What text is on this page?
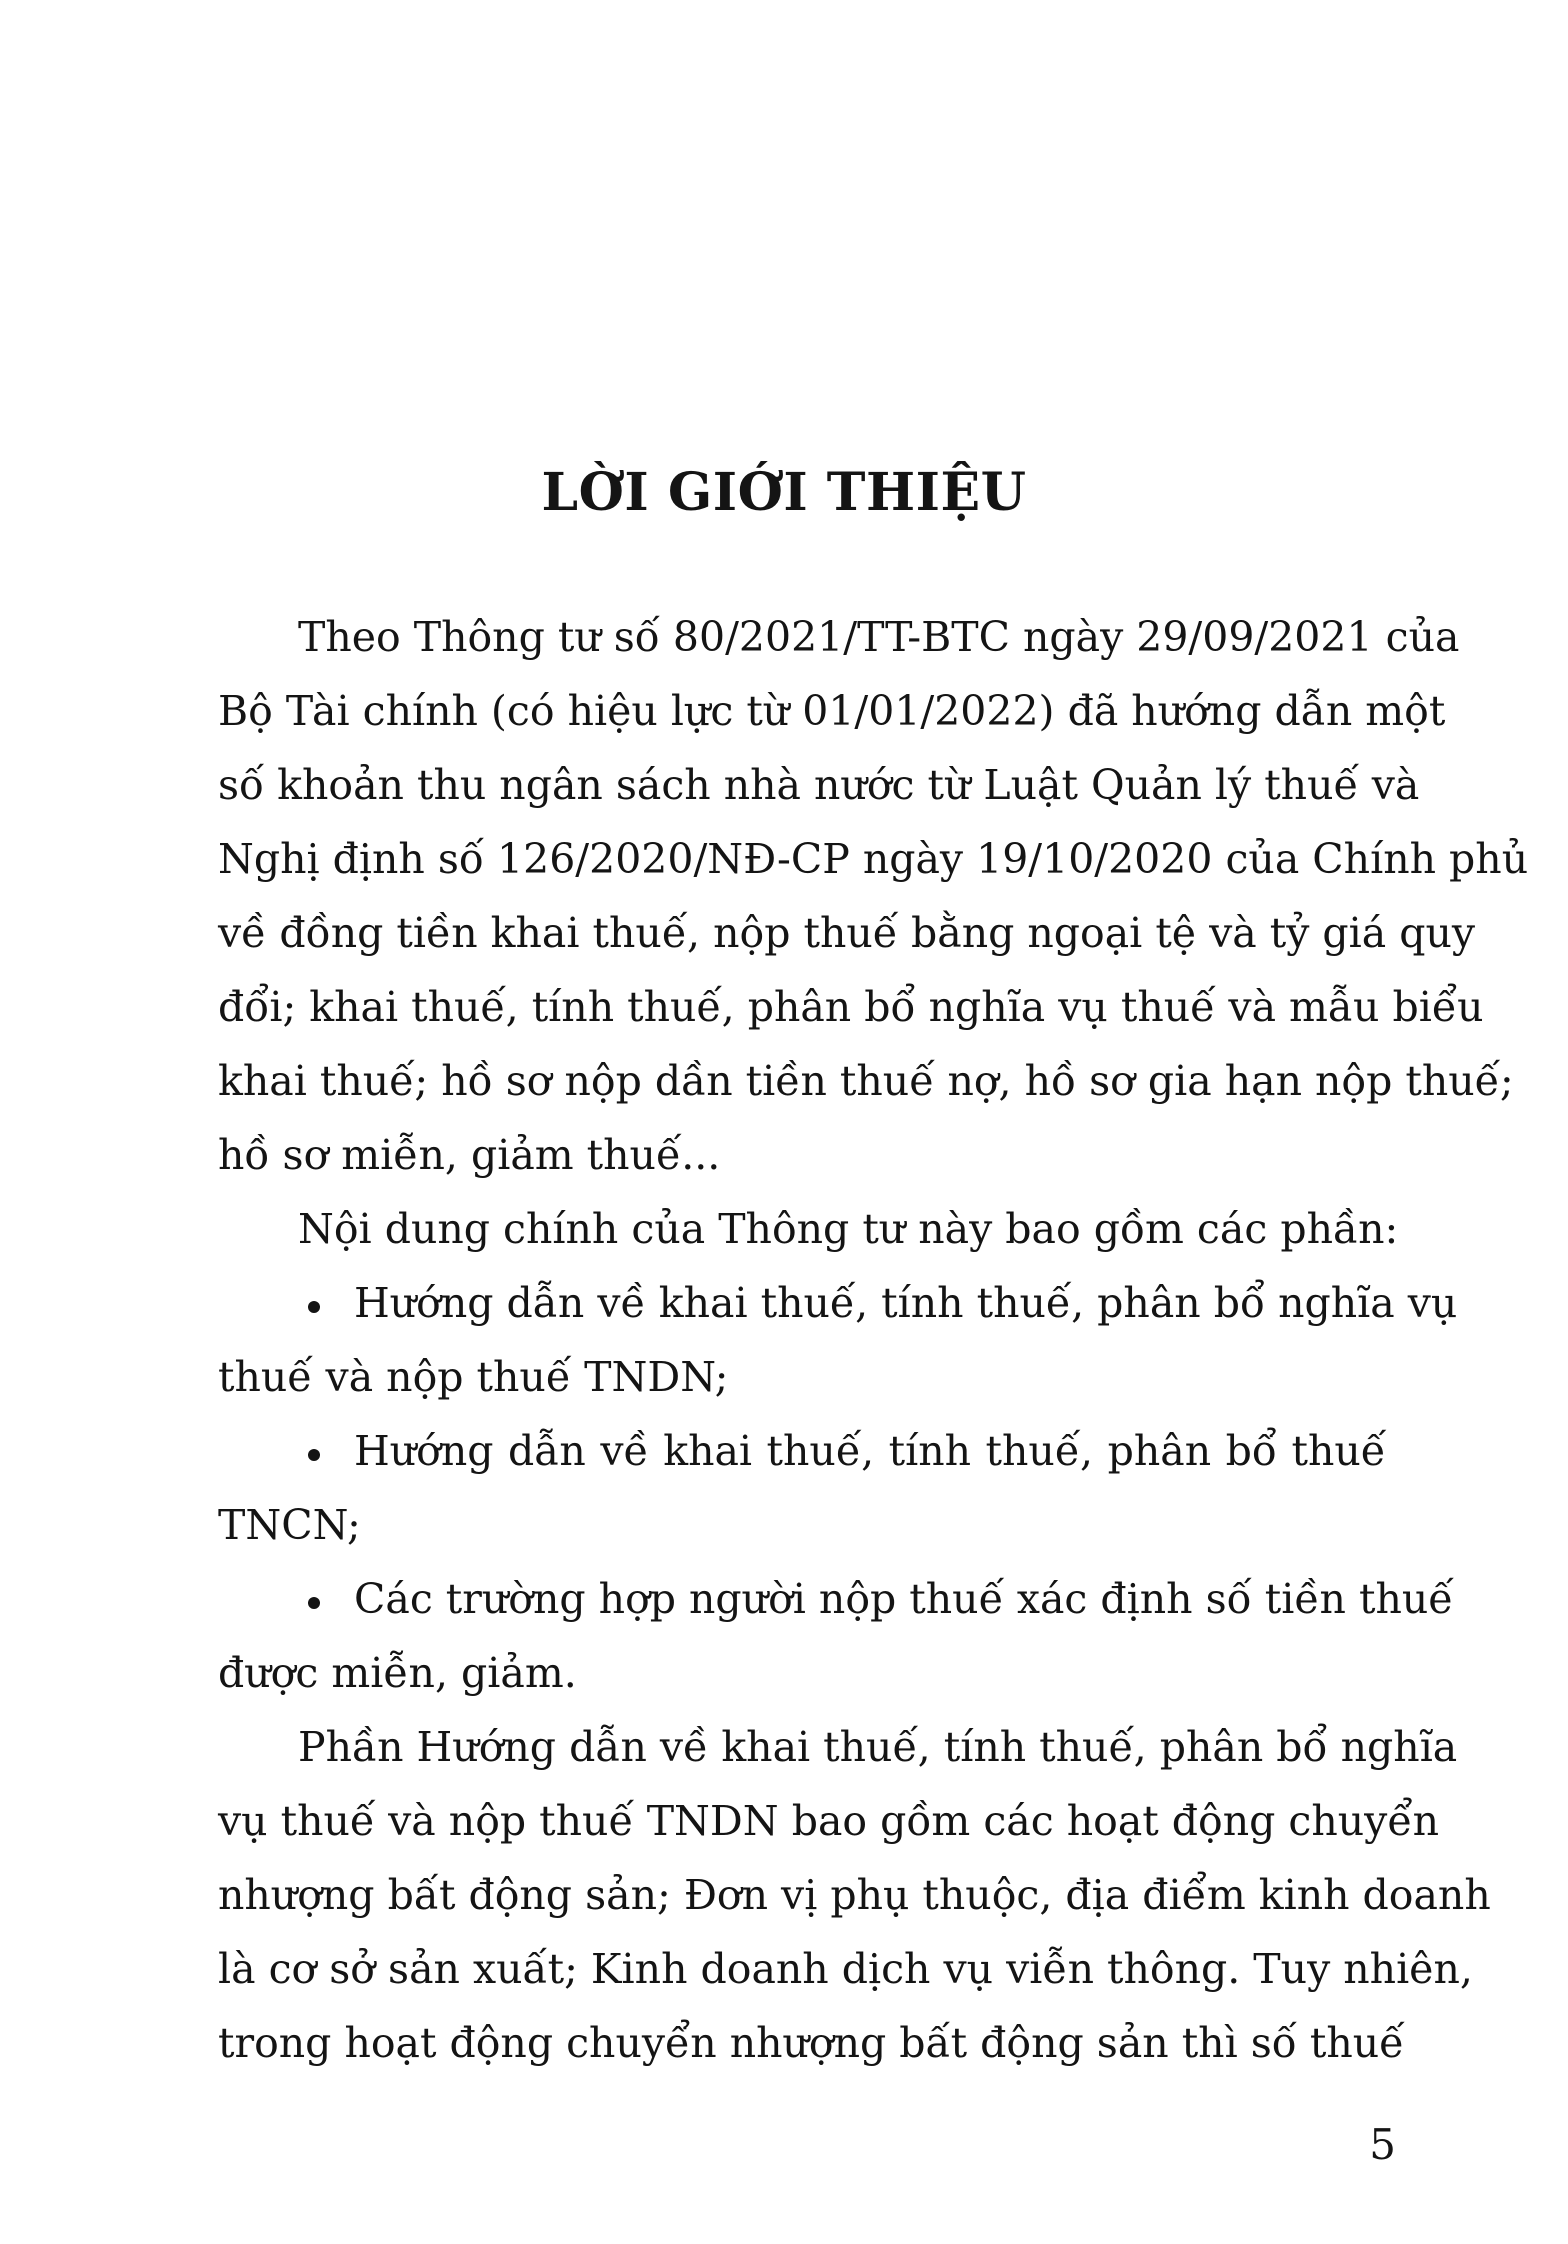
LỜI GIỚI THIỆU
Theo Thông tư số 80/2021/TT-BTC ngày 29/09/2021 của
Bộ Tài chính (có hiệu lực từ 01/01/2022) đã hướng dẫn một
số khoản thu ngân sách nhà nước từ Luật Quản lý thuế và
Nghị định số 126/2020/NĐ-CP ngày 19/10/2020 của Chính phủ
về đồng tiền khai thuế, nộp thuế bằng ngoại tệ và tỷ giá quy
đổi; khai thuế, tính thuế, phân bổ nghĩa vụ thuế và mẫu biểu
khai thuế; hồ sơ nộp dần tiền thuế nợ, hồ sơ gia hạn nộp thuế;
hồ sơ miễn, giảm thuế...
Nội dung chính của Thông tư này bao gồm các phần:
Hướng dẫn về khai thuế, tính thuế, phân bổ nghĩa vụ
thuế và nộp thuế TNDN;
Hướng dẫn về khai thuế, tính thuế, phân bổ thuế
TNCN;
Các trường hợp người nộp thuế xác định số tiền thuế
được miễn, giảm.
Phần Hướng dẫn về khai thuế, tính thuế, phân bổ nghĩa
vụ thuế và nộp thuế TNDN bao gồm các hoạt động chuyển
nhượng bất động sản; Đơn vị phụ thuộc, địa điểm kinh doanh
là cơ sở sản xuất; Kinh doanh dịch vụ viễn thông. Tuy nhiên,
trong hoạt động chuyển nhượng bất động sản thì số thuế
5
